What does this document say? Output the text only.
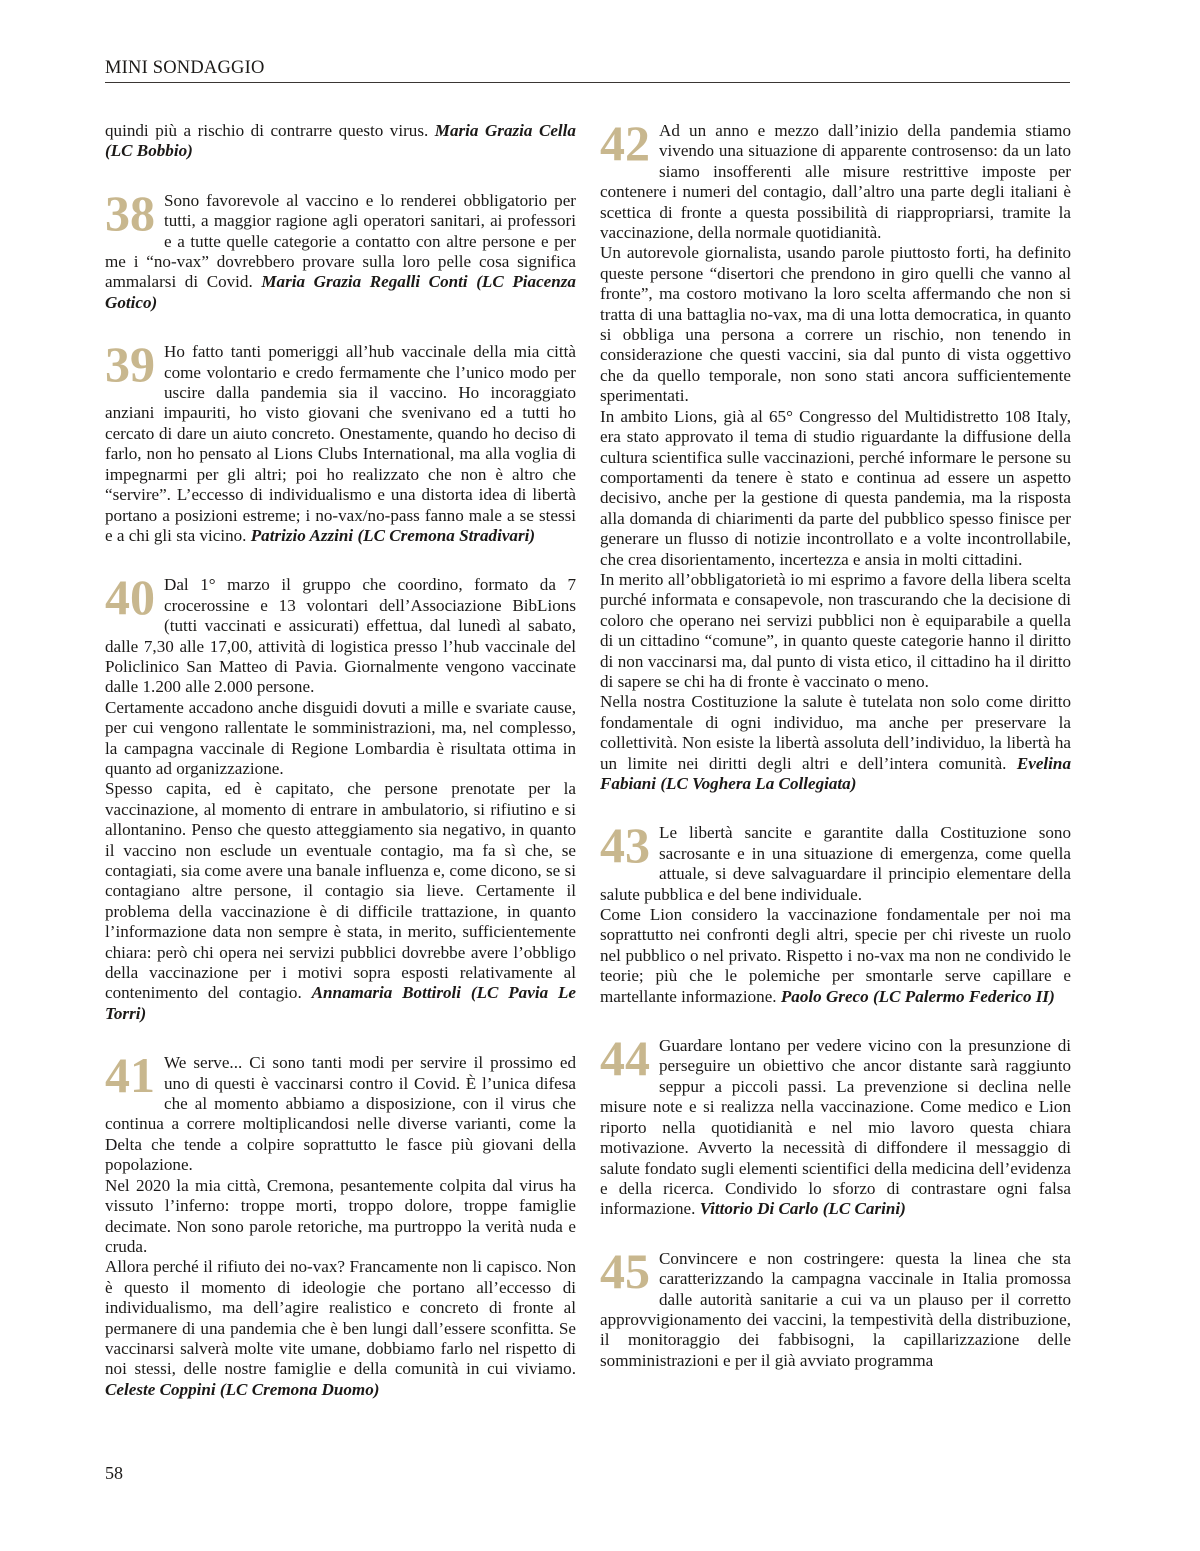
MINI SONDAGGIO

quindi più a rischio di contrarre questo virus. Maria Grazia Cella (LC Bobbio)

38 Sono favorevole al vaccino e lo renderei obbligatorio per tutti, a maggior ragione agli operatori sanitari, ai professori e a tutte quelle categorie a contatto con altre persone e per me i “no-vax” dovrebbero provare sulla loro pelle cosa significa ammalarsi di Covid. Maria Grazia Regalli Conti (LC Piacenza Gotico)

39 Ho fatto tanti pomeriggi all’hub vaccinale della mia città come volontario e credo fermamente che l’unico modo per uscire dalla pandemia sia il vaccino. Ho incoraggiato anziani impauriti, ho visto giovani che svenivano ed a tutti ho cercato di dare un aiuto concreto. Onestamente, quando ho deciso di farlo, non ho pensato al Lions Clubs International, ma alla voglia di impegnarmi per gli altri; poi ho realizzato che non è altro che “servire”. L’eccesso di individualismo e una distorta idea di libertà portano a posizioni estreme; i no-vax/no-pass fanno male a se stessi e a chi gli sta vicino. Patrizio Azzini (LC Cremona Stradivari)

40 Dal 1° marzo il gruppo che coordino, formato da 7 crocerossine e 13 volontari dell’Associazione BibLions (tutti vaccinati e assicurati) effettua, dal lunedì al sabato, dalle 7,30 alle 17,00, attività di logistica presso l’hub vaccinale del Policlinico San Matteo di Pavia. Giornalmente vengono vaccinate dalle 1.200 alle 2.000 persone.

Certamente accadono anche disguidi dovuti a mille e svariate cause, per cui vengono rallentate le somministrazioni, ma, nel complesso, la campagna vaccinale di Regione Lombardia è risultata ottima in quanto ad organizzazione.

Spesso capita, ed è capitato, che persone prenotate per la vaccinazione, al momento di entrare in ambulatorio, si rifiutino e si allontanino. Penso che questo atteggiamento sia negativo, in quanto il vaccino non esclude un eventuale contagio, ma fa sì che, se contagiati, sia come avere una banale influenza e, come dicono, se si contagiano altre persone, il contagio sia lieve. Certamente il problema della vaccinazione è di difficile trattazione, in quanto l’informazione data non sempre è stata, in merito, sufficientemente chiara: però chi opera nei servizi pubblici dovrebbe avere l’obbligo della vaccinazione per i motivi sopra esposti relativamente al contenimento del contagio. Annamaria Bottiroli (LC Pavia Le Torri)

41 We serve... Ci sono tanti modi per servire il prossimo ed uno di questi è vaccinarsi contro il Covid. È l’unica difesa che al momento abbiamo a disposizione, con il virus che continua a correre moltiplicandosi nelle diverse varianti, come la Delta che tende a colpire soprattutto le fasce più giovani della popolazione.

Nel 2020 la mia città, Cremona, pesantemente colpita dal virus ha vissuto l’inferno: troppe morti, troppo dolore, troppe famiglie decimate. Non sono parole retoriche, ma purtroppo la verità nuda e cruda.

Allora perché il rifiuto dei no-vax? Francamente non li capisco. Non è questo il momento di ideologie che portano all’eccesso di individualismo, ma dell’agire realistico e concreto di fronte al permanere di una pandemia che è ben lungi dall’essere sconfitta. Se vaccinarsi salverà molte vite umane, dobbiamo farlo nel rispetto di noi stessi, delle nostre famiglie e della comunità in cui viviamo. Celeste Coppini (LC Cremona Duomo)

42 Ad un anno e mezzo dall’inizio della pandemia stiamo vivendo una situazione di apparente controsenso: da un lato siamo insofferenti alle misure restrittive imposte per contenere i numeri del contagio, dall’altro una parte degli italiani è scettica di fronte a questa possibilità di riappropriarsi, tramite la vaccinazione, della normale quotidianità.

Un autorevole giornalista, usando parole piuttosto forti, ha definito queste persone “disertori che prendono in giro quelli che vanno al fronte”, ma costoro motivano la loro scelta affermando che non si tratta di una battaglia no-vax, ma di una lotta democratica, in quanto si obbliga una persona a correre un rischio, non tenendo in considerazione che questi vaccini, sia dal punto di vista oggettivo che da quello temporale, non sono stati ancora sufficientemente sperimentati.

In ambito Lions, già al 65° Congresso del Multidistretto 108 Italy, era stato approvato il tema di studio riguardante la diffusione della cultura scientifica sulle vaccinazioni, perché informare le persone su comportamenti da tenere è stato e continua ad essere un aspetto decisivo, anche per la gestione di questa pandemia, ma la risposta alla domanda di chiarimenti da parte del pubblico spesso finisce per generare un flusso di notizie incontrollato e a volte incontrollabile, che crea disorientamento, incertezza e ansia in molti cittadini.

In merito all’obbligatorietà io mi esprimo a favore della libera scelta purché informata e consapevole, non trascurando che la decisione di coloro che operano nei servizi pubblici non è equiparabile a quella di un cittadino “comune”, in quanto queste categorie hanno il diritto di non vaccinarsi ma, dal punto di vista etico, il cittadino ha il diritto di sapere se chi ha di fronte è vaccinato o meno.

Nella nostra Costituzione la salute è tutelata non solo come diritto fondamentale di ogni individuo, ma anche per preservare la collettività. Non esiste la libertà assoluta dell’individuo, la libertà ha un limite nei diritti degli altri e dell’intera comunità. Evelina Fabiani (LC Voghera La Collegiata)

43 Le libertà sancite e garantite dalla Costituzione sono sacrosante e in una situazione di emergenza, come quella attuale, si deve salvaguardare il principio elementare della salute pubblica e del bene individuale.

Come Lion considero la vaccinazione fondamentale per noi ma soprattutto nei confronti degli altri, specie per chi riveste un ruolo nel pubblico o nel privato. Rispetto i no-vax ma non ne condivido le teorie; più che le polemiche per smontarle serve capillare e martellante informazione. Paolo Greco (LC Palermo Federico II)

44 Guardare lontano per vedere vicino con la presunzione di perseguire un obiettivo che ancor distante sarà raggiunto seppur a piccoli passi. La prevenzione si declina nelle misure note e si realizza nella vaccinazione. Come medico e Lion riporto nella quotidianità e nel mio lavoro questa chiara motivazione. Avverto la necessità di diffondere il messaggio di salute fondato sugli elementi scientifici della medicina dell’evidenza e della ricerca. Condivido lo sforzo di contrastare ogni falsa informazione. Vittorio Di Carlo (LC Carini)

45 Convincere e non costringere: questa la linea che sta caratterizzando la campagna vaccinale in Italia promossa dalle autorità sanitarie a cui va un plauso per il corretto approvvigionamento dei vaccini, la tempestività della distribuzione, il monitoraggio dei fabbisogni, la capillarizzazione delle somministrazioni e per il già avviato programma

58
